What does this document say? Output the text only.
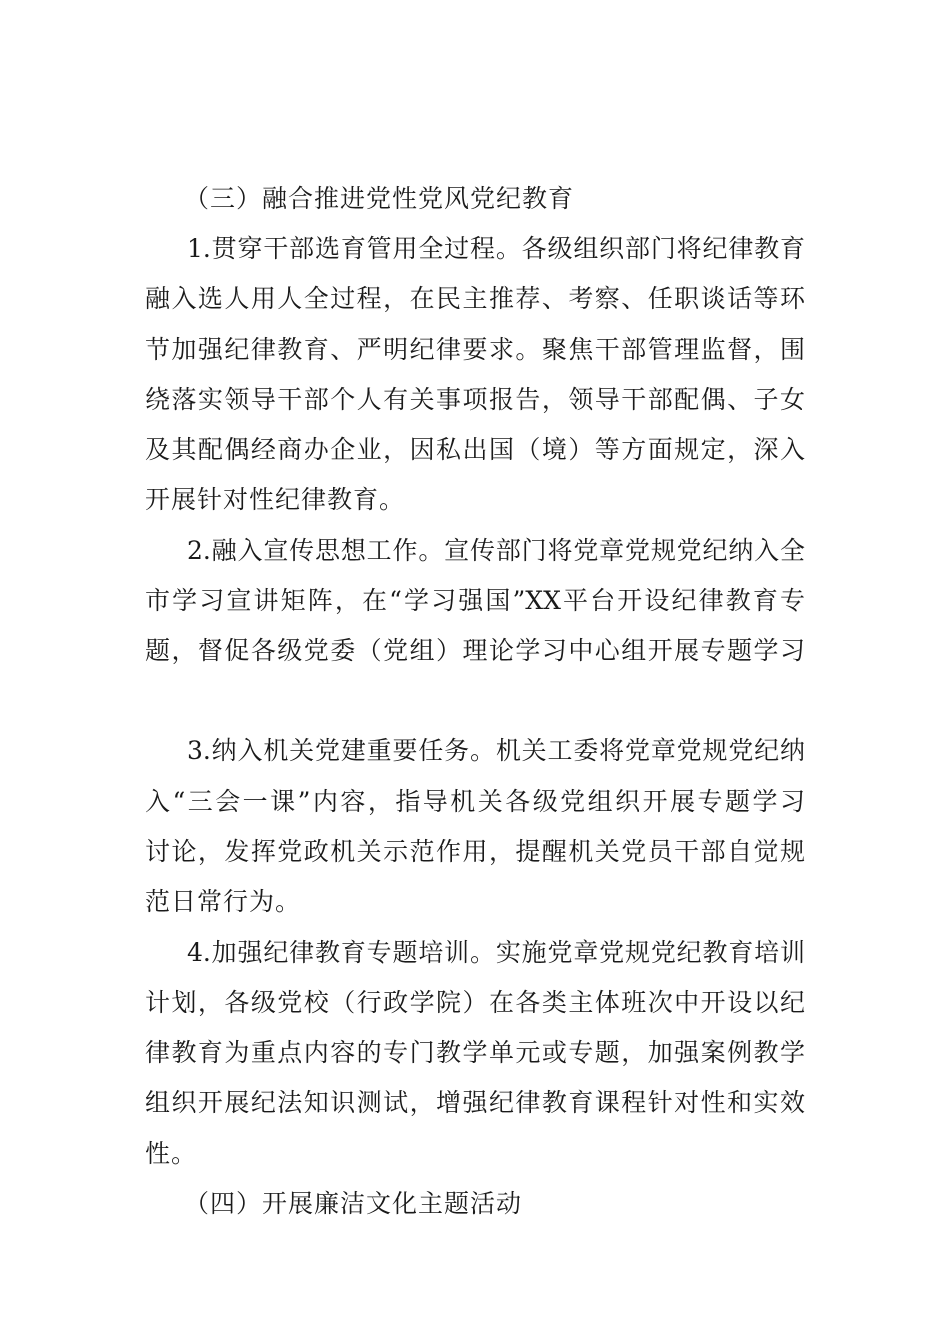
（三）融合推进党性党风党纪教育
1.贯穿干部选育管用全过程。各级组织部门将纪律教育
融入选人用人全过程，在民主推荐、考察、任职谈话等环
节加强纪律教育、严明纪律要求。聚焦干部管理监督，围
绕落实领导干部个人有关事项报告，领导干部配偶、子女
及其配偶经商办企业，因私出国（境）等方面规定，深入
开展针对性纪律教育。
2.融入宣传思想工作。宣传部门将党章党规党纪纳入全
市学习宣讲矩阵，在“学习强国”XX平台开设纪律教育专
题，督促各级党委（党组）理论学习中心组开展专题学习
3.纳入机关党建重要任务。机关工委将党章党规党纪纳
入“三会一课”内容，指导机关各级党组织开展专题学习
讨论，发挥党政机关示范作用，提醒机关党员干部自觉规
范日常行为。
4.加强纪律教育专题培训。实施党章党规党纪教育培训
计划，各级党校（行政学院）在各类主体班次中开设以纪
律教育为重点内容的专门教学单元或专题，加强案例教学
组织开展纪法知识测试，增强纪律教育课程针对性和实效
性。
（四）开展廉洁文化主题活动
